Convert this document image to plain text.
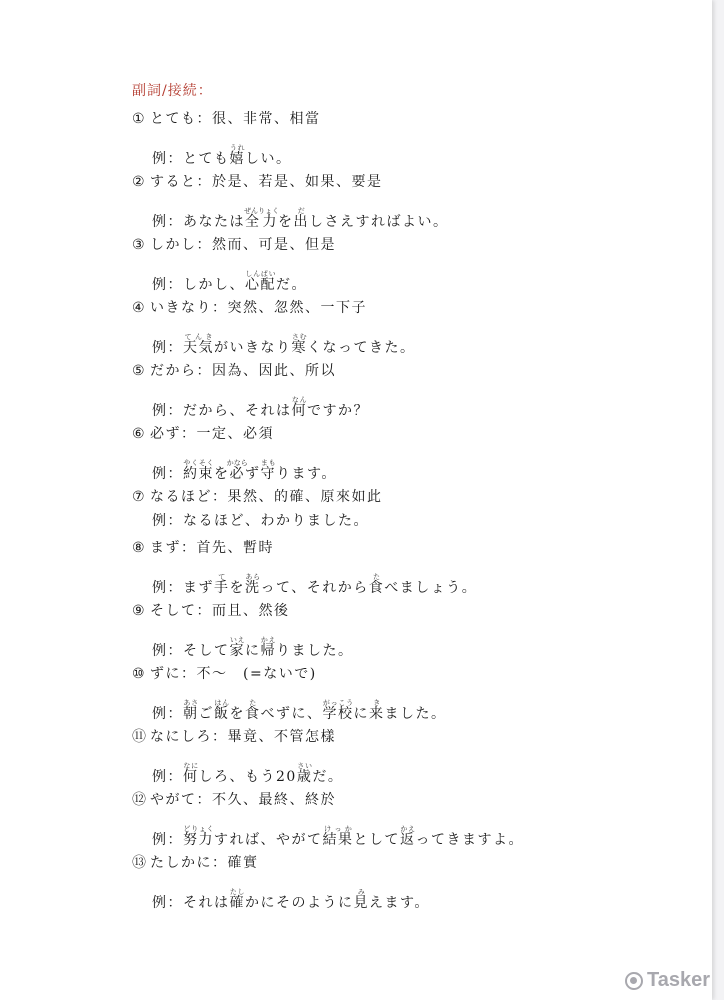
副詞/接続：
① とても：很、非常、相當
例：とても嬉うれしい。
② すると：於是、若是、如果、要是
例：あなたは全力ぜんりょくを出だしさえすればよい。
③ しかし：然而、可是、但是
例：しかし、心配しんぱいだ。
④ いきなり：突然、忽然、一下子
例：天気てんきがいきなり寒さむくなってきた。
⑤ だから：因為、因此、所以
例：だから、それは何なんですか？
⑥ 必ず：一定、必須
例：約束やくそくを必かならず守まもります。
⑦ なるほど：果然、的確、原來如此
例：なるほど、わかりました。
⑧ まず：首先、暫時
例：まず手てを洗あらって、それから食たべましょう。
⑨ そして：而且、然後
例：そして家いえに帰かえりました。
⑩ ずに：不～　(=ないで)
例：朝あさご飯はんを食たべずに、学校がっこうに来きました。
⑪ なにしろ：畢竟、不管怎樣
例：何なにしろ、もう20歳さいだ。
⑫ やがて：不久、最終、終於
例：努力どりょくすれば、やがて結果けっかとして返かえってきますよ。
⑬ たしかに：確實
例：それは確たしかにそのように見みえます。
Tasker
